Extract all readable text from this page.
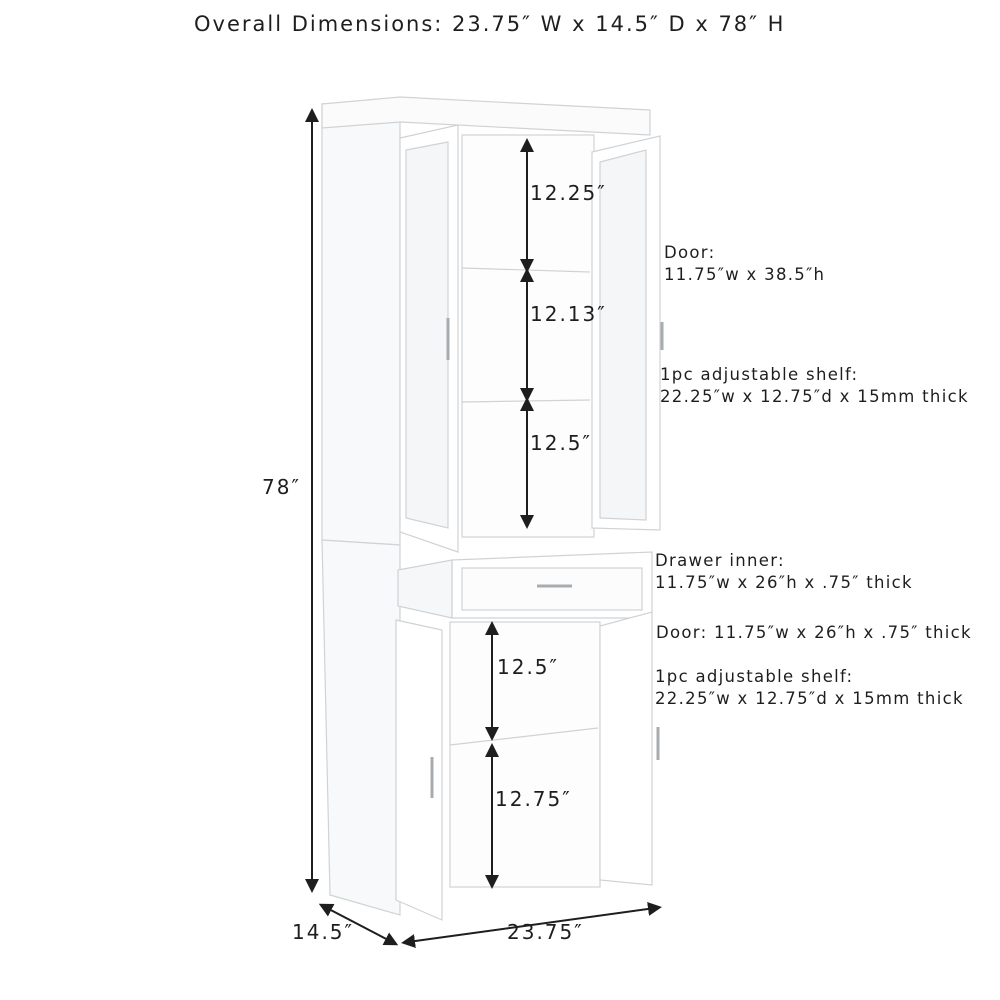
Overall Dimensions: 23.75″ W x 14.5″ D x 78″ H
78″
14.5″	23.75″
12.25″
12.13″
12.5″
12.5″
12.75″
Door:
11.75″w x 38.5″h
1pc adjustable shelf:
22.25″w x 12.75″d x 15mm thick
Drawer inner:
11.75″w x 26″h x .75″ thick
Door: 11.75″w x 26″h x .75″ thick
1pc adjustable shelf:
22.25″w x 12.75″d x 15mm thick
